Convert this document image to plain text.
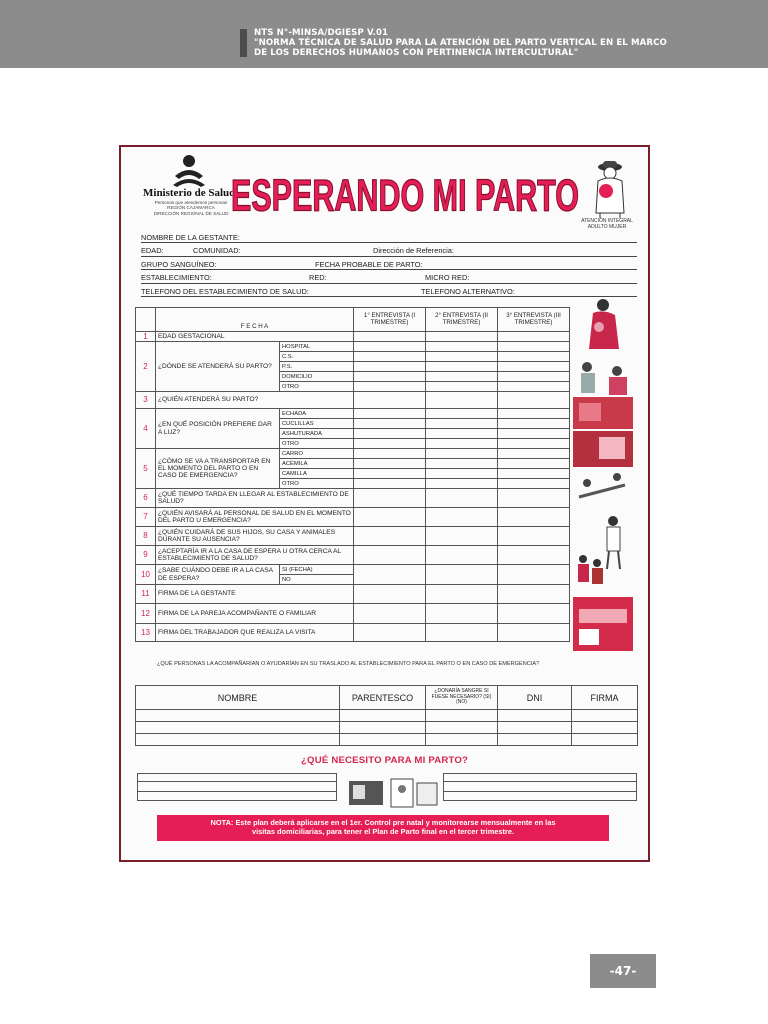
NTS N°-MINSA/DGIESP V.01
"NORMA TÉCNICA DE SALUD PARA LA ATENCIÓN DEL PARTO VERTICAL EN EL MARCO
DE LOS DERECHOS HUMANOS CON PERTINENCIA INTERCULTURAL"
Ministerio de Salud
Personas que atendemos personas
REGIÓN CAJAMARCA
DIRECCIÓN REGIONAL DE SALUD ESPERANDO MI PARTO
ATENCIÓN INTEGRAL ADULTO MUJER
NOMBRE DE LA GESTANTE:
EDAD:	COMUNIDAD:	Dirección de Referencia:
GRUPO SANGUÍNEO:	FECHA PROBABLE DE PARTO:
ESTABLECIMIENTO:	RED:	MICRO RED:
TELEFONO DEL ESTABLECIMIENTO DE SALUD:	TELEFONO ALTERNATIVO:
	F E C H A		1° ENTREVISTA (I TRIMESTRE)	2° ENTREVISTA (II TRIMESTRE)	3° ENTREVISTA (III TRIMESTRE)
1	EDAD GESTACIONAL				
2	¿DÓNDE SE ATENDERÁ SU PARTO?	HOSPITAL			
		C.S.			
		P.S.			
		DOMICILIO			
		OTRO			
3	¿QUIÉN ATENDERÁ SU PARTO?				
4	¿EN QUÉ POSICIÓN PREFIERE DAR A LUZ?	ECHADA			
		CUCLILLAS			
		ASHUTURADA			
		OTRO			
5	¿CÓMO SE VA A TRANSPORTAR EN EL MOMENTO DEL PARTO O EN CASO DE EMERGENCIA?	CARRO			
		ACÉMILA			
		CAMILLA			
		OTRO			
6	¿QUÉ TIEMPO TARDA EN LLEGAR AL ESTABLECIMIENTO DE SALUD?				
7	¿QUIÉN AVISARÁ AL PERSONAL DE SALUD EN EL MOMENTO DEL PARTO U EMERGENCIA?				
8	¿QUIÉN CUIDARÁ DE SUS HIJOS, SU CASA Y ANIMALES DURANTE SU AUSENCIA?				
9	¿ACEPTARÍA IR A LA CASA DE ESPERA U OTRA CERCA AL ESTABLECIMIENTO DE SALUD?				
10	¿SABE CUÁNDO DEBE IR A LA CASA DE ESPERA?	SI (FECHA)			
		NO			
11	FIRMA DE LA GESTANTE				
12	FIRMA DE LA PAREJA ACOMPAÑANTE O FAMILIAR				
13	FIRMA DEL TRABAJADOR QUE REALIZA LA VISITA				
¿QUÉ PERSONAS LA ACOMPAÑARÍAN O AYUDARÍAN EN SU TRASLADO AL ESTABLECIMIENTO PARA EL PARTO O EN CASO DE EMERGENCIA?
NOMBRE	PARENTESCO	¿DONARÍA SANGRE SI FUESE NECESARIO? (SI) (NO)	DNI	FIRMA

¿QUÉ NECESITO PARA MI PARTO?
NOTA: Este plan deberá aplicarse en el 1er. Control pre natal y monitorearse mensualmente en las
visitas domiciliarias, para tener el Plan de Parto final en el tercer trimestre.
-47-
